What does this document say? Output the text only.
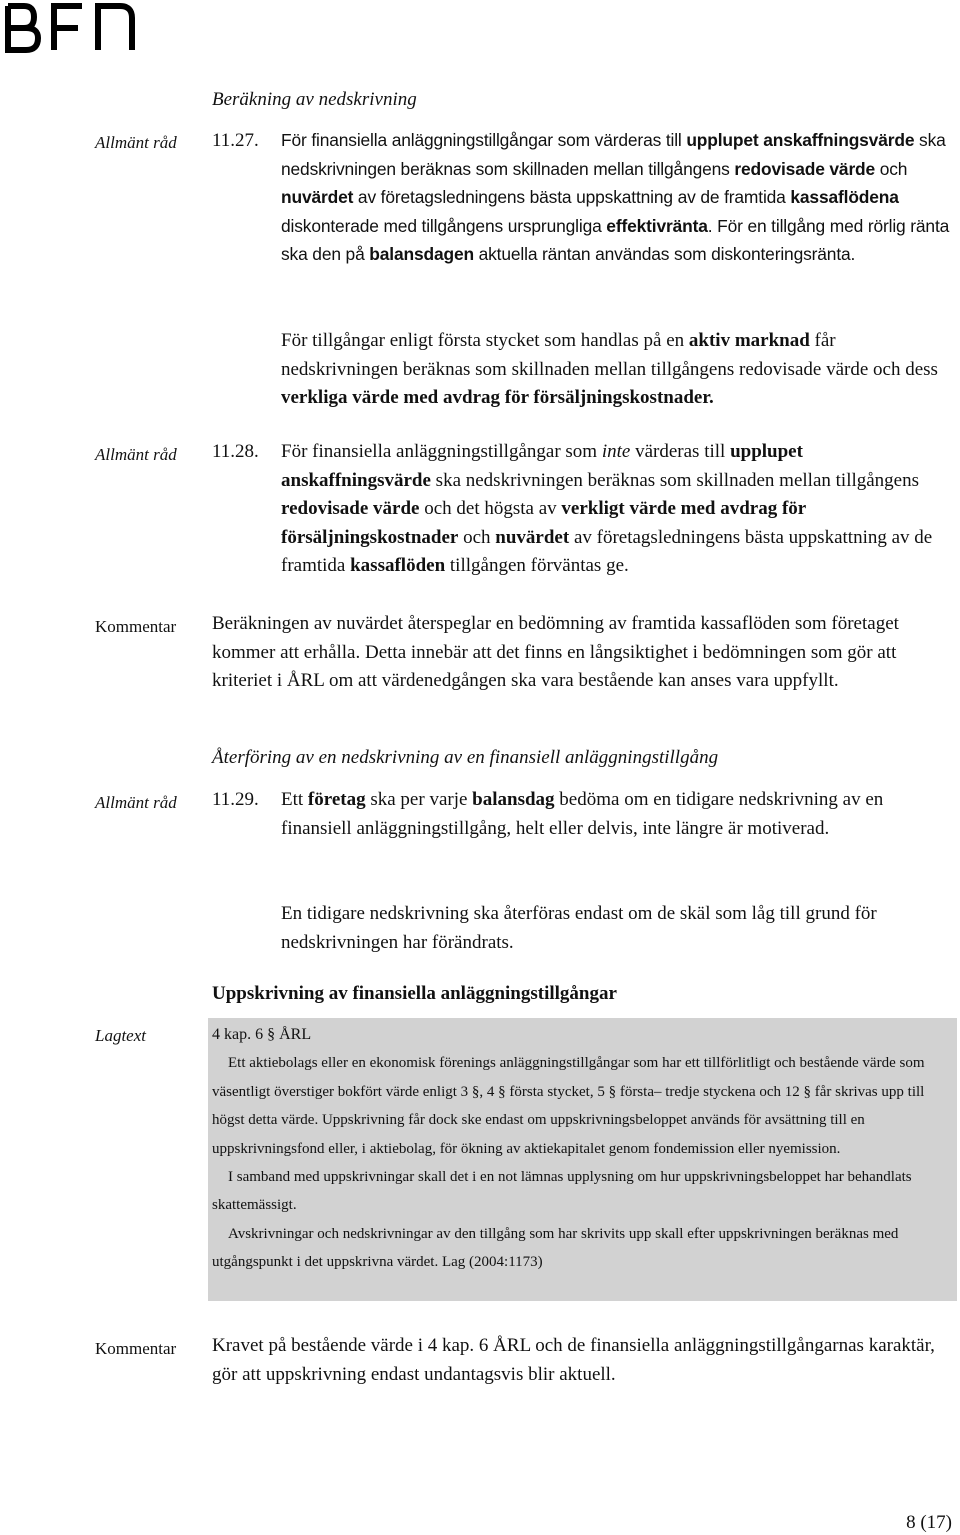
Beräkning av nedskrivning
Allmänt råd 11.27. För finansiella anläggningstillgångar som värderas till upplupet anskaffningsvärde ska nedskrivningen beräknas som skillnaden mellan tillgångens redovisade värde och nuvärdet av företagsledningens bästa uppskattning av de framtida kassaflödena diskonterade med tillgångens ursprungliga effektivränta. För en tillgång med rörlig ränta ska den på balansdagen aktuella räntan användas som diskonteringsränta.
För tillgångar enligt första stycket som handlas på en aktiv marknad får nedskrivningen beräknas som skillnaden mellan tillgångens redovisade värde och dess verkliga värde med avdrag för försäljningskostnader.
Allmänt råd 11.28. För finansiella anläggningstillgångar som inte värderas till upplupet anskaffningsvärde ska nedskrivningen beräknas som skillnaden mellan tillgångens redovisade värde och det högsta av verkligt värde med avdrag för försäljningskostnader och nuvärdet av företagsledningens bästa uppskattning av de framtida kassaflöden tillgången förväntas ge.
Kommentar Beräkningen av nuvärdet återspeglar en bedömning av framtida kassaflöden som företaget kommer att erhålla. Detta innebär att det finns en långsiktighet i bedömningen som gör att kriteriet i ÅRL om att värdenedgången ska vara bestående kan anses vara uppfyllt.
Återföring av en nedskrivning av en finansiell anläggningstillgång
Allmänt råd 11.29. Ett företag ska per varje balansdag bedöma om en tidigare nedskrivning av en finansiell anläggningstillgång, helt eller delvis, inte längre är motiverad.
En tidigare nedskrivning ska återföras endast om de skäl som låg till grund för nedskrivningen har förändrats.
Uppskrivning av finansiella anläggningstillgångar
Lagtext	4 kap. 6 § ÅRL
Ett aktiebolags eller en ekonomisk förenings anläggningstillgångar som har ett tillförlitligt och bestående värde som väsentligt överstiger bokfört värde enligt 3 §, 4 § första stycket, 5 § första– tredje styckena och 12 § får skrivas upp till högst detta värde. Uppskrivning får dock ske endast om uppskrivningsbeloppet används för avsättning till en uppskrivningsfond eller, i aktiebolag, för ökning av aktiekapitalet genom fondemission eller nyemission.
I samband med uppskrivningar skall det i en not lämnas upplysning om hur uppskrivningsbeloppet har behandlats skattemässigt.
Avskrivningar och nedskrivningar av den tillgång som har skrivits upp skall efter uppskrivningen beräknas med utgångspunkt i det uppskrivna värdet. Lag (2004:1173)
Kommentar Kravet på bestående värde i 4 kap. 6 ÅRL och de finansiella anläggningstillgångarnas karaktär, gör att uppskrivning endast undantagsvis blir aktuell.
8 (17)
